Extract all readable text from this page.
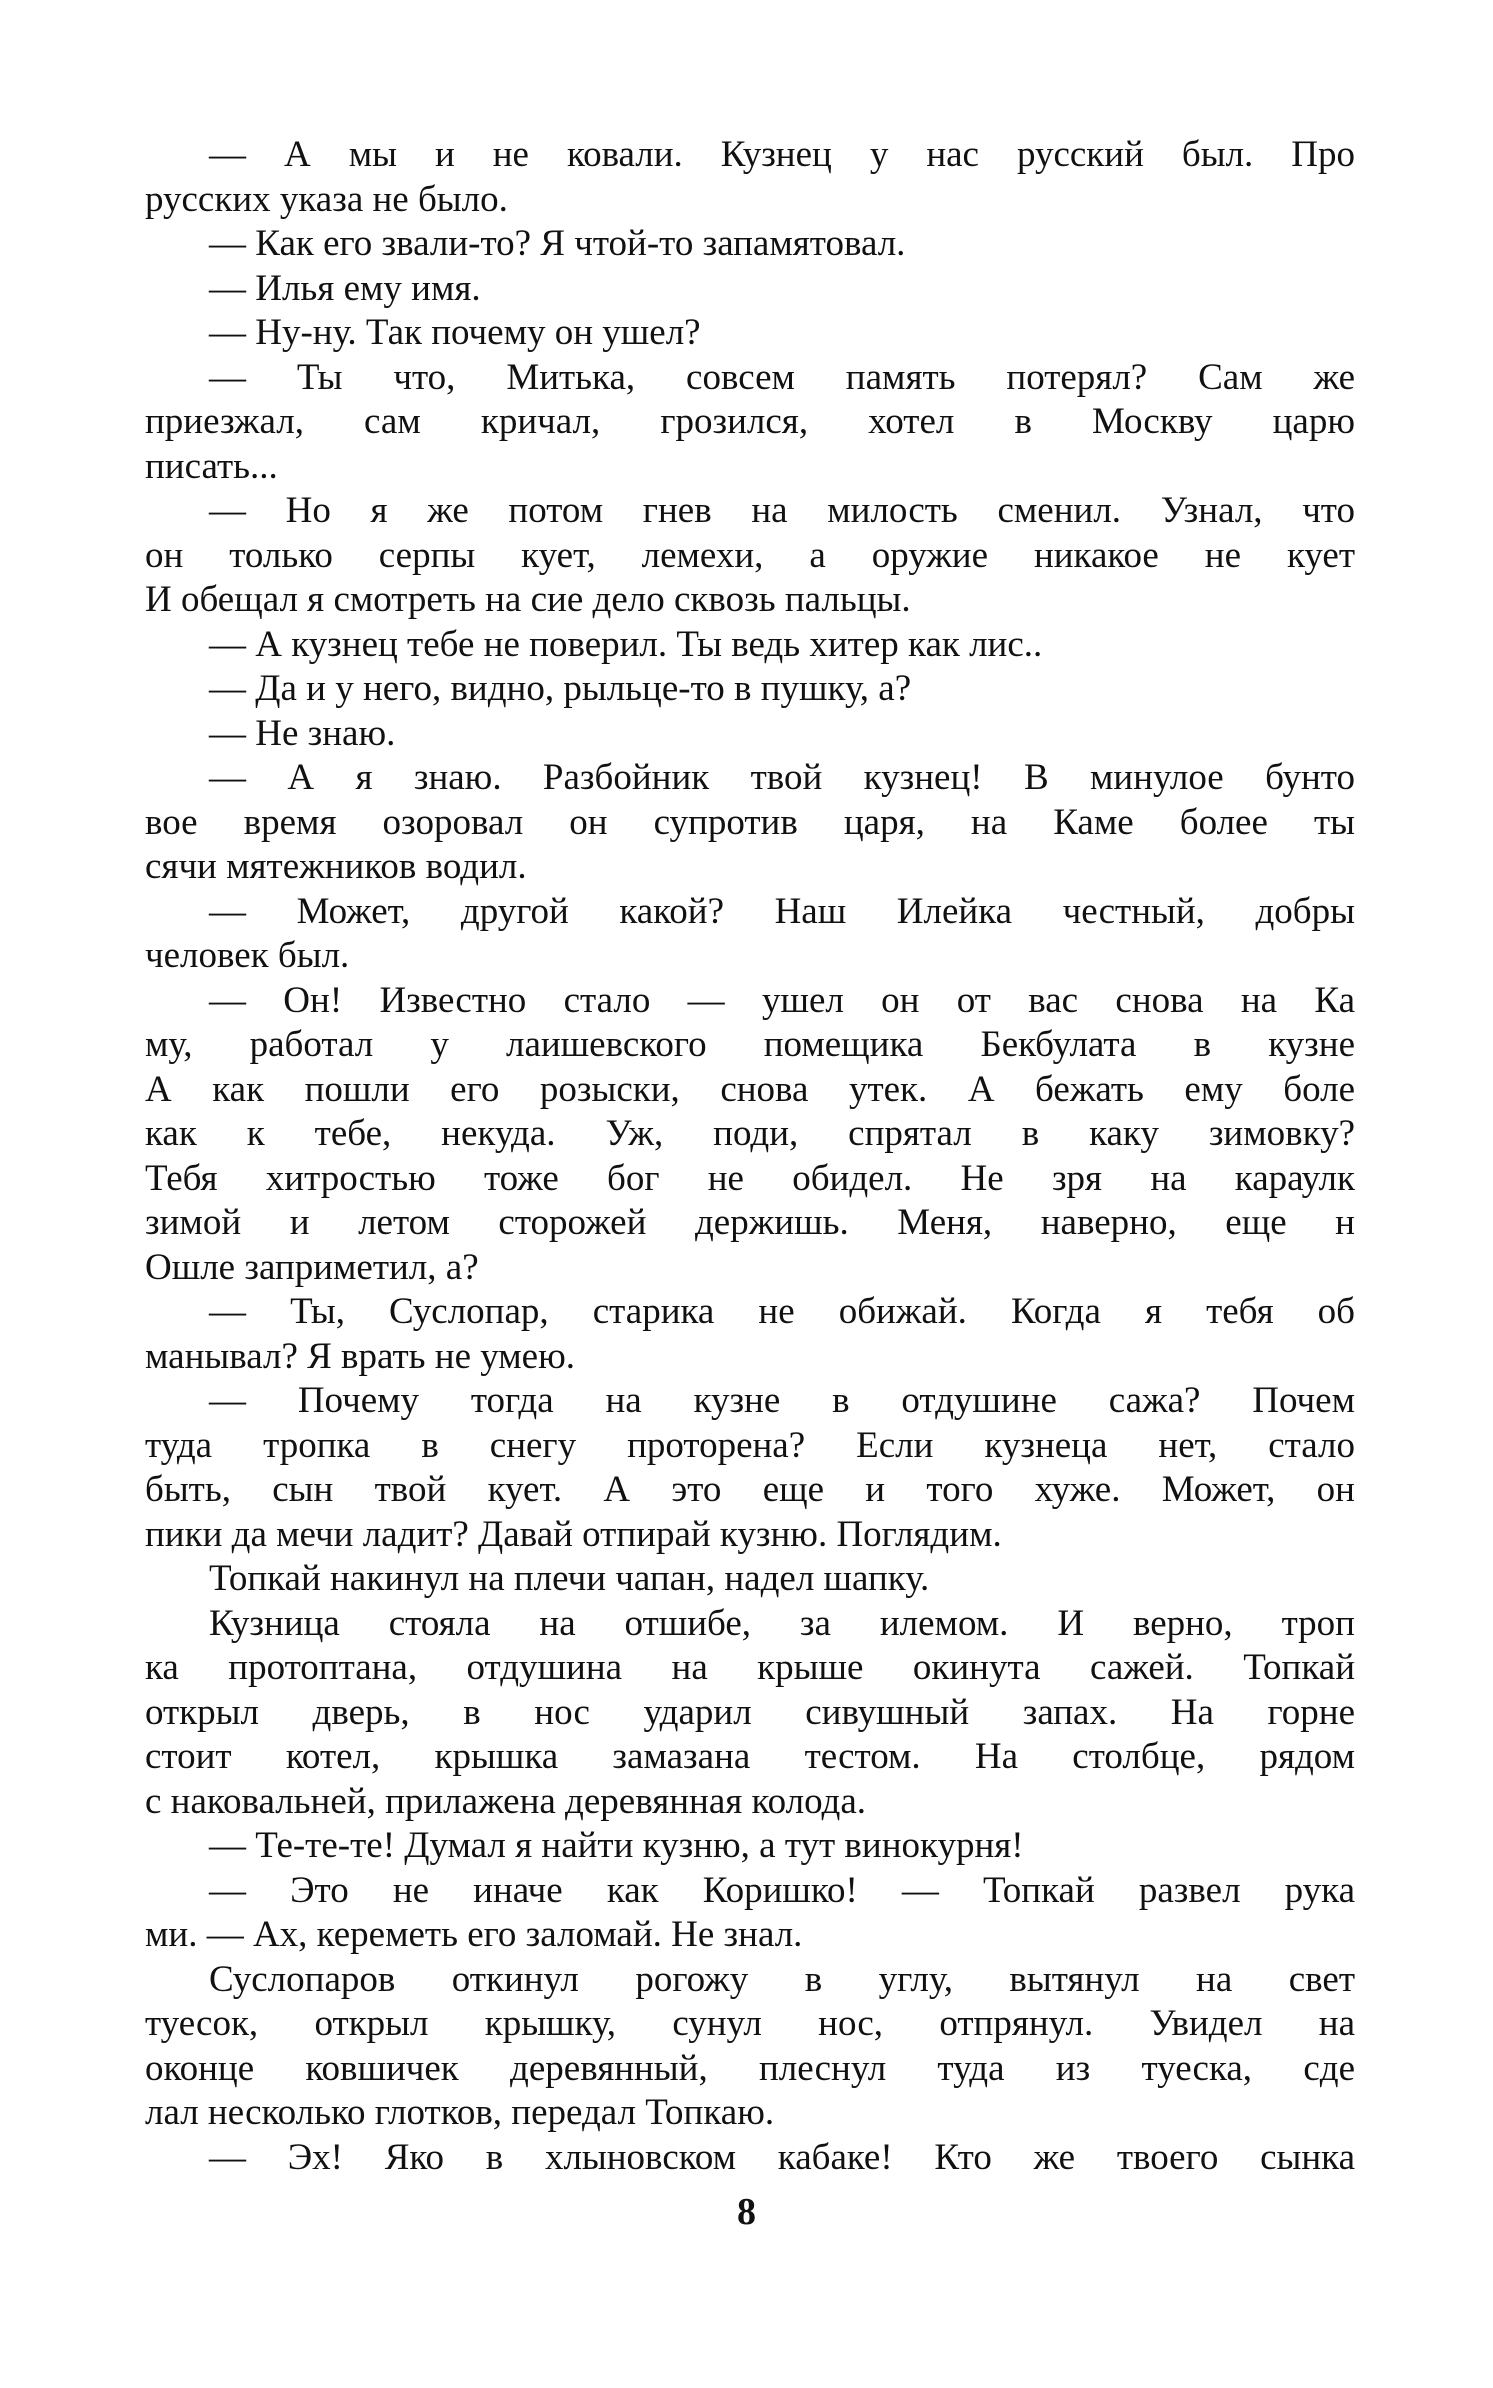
— А мы и не ковали. Кузнец у нас русский был. Про
русских указа не было.
— Как его звали-то? Я чтой-то запамятовал.
— Илья ему имя.
— Ну-ну. Так почему он ушел?
— Ты что, Митька, совсем память потерял? Сам же
приезжал, сам кричал, грозился, хотел в Москву царю
писать...
— Но я же потом гнев на милость сменил. Узнал, что
он только серпы кует, лемехи, а оружие никакое не кует
И обещал я смотреть на сие дело сквозь пальцы.
— А кузнец тебе не поверил. Ты ведь хитер как лис..
— Да и у него, видно, рыльце-то в пушку, а?
— Не знаю.
— А я знаю. Разбойник твой кузнец! В минулое бунто
вое время озоровал он супротив царя, на Каме более ты
сячи мятежников водил.
— Может, другой какой? Наш Илейка честный, добры
человек был.
— Он! Известно стало — ушел он от вас снова на Ка
му, работал у лаишевского помещика Бекбулата в кузне
А как пошли его розыски, снова утек. А бежать ему боле
как к тебе, некуда. Уж, поди, спрятал в каку зимовку?
Тебя хитростью тоже бог не обидел. Не зря на караулк
зимой и летом сторожей держишь. Меня, наверно, еще н
Ошле заприметил, а?
— Ты, Суслопар, старика не обижай. Когда я тебя об
манывал? Я врать не умею.
— Почему тогда на кузне в отдушине сажа? Почем
туда тропка в снегу проторена? Если кузнеца нет, стало
быть, сын твой кует. А это еще и того хуже. Может, он
пики да мечи ладит? Давай отпирай кузню. Поглядим.
Топкай накинул на плечи чапан, надел шапку.
Кузница стояла на отшибе, за илемом. И верно, троп
ка протоптана, отдушина на крыше окинута сажей. Топкай
открыл дверь, в нос ударил сивушный запах. На горне
стоит котел, крышка замазана тестом. На столбце, рядом
с наковальней, прилажена деревянная колода.
— Те-те-те! Думал я найти кузню, а тут винокурня!
— Это не иначе как Коришко! — Топкай развел рука
ми. — Ах, кереметь его заломай. Не знал.
Суслопаров откинул рогожу в углу, вытянул на свет
туесок, открыл крышку, сунул нос, отпрянул. Увидел на
оконце ковшичек деревянный, плеснул туда из туеска, сде
лал несколько глотков, передал Топкаю.
— Эх! Яко в хлыновском кабаке! Кто же твоего сынка
8
